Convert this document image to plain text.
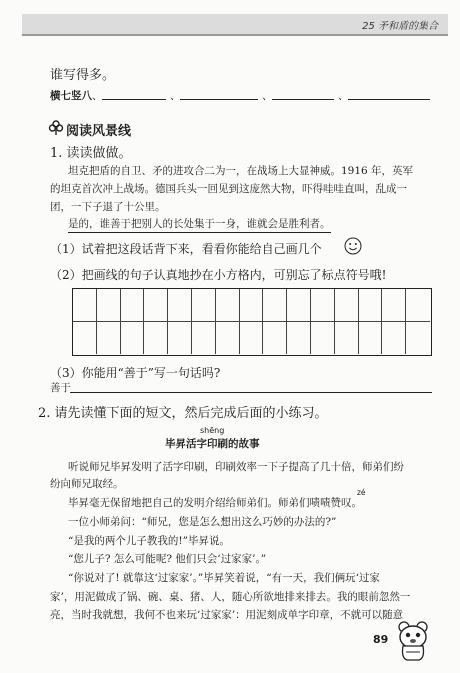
25 矛和盾的集合
谁写得多。
横七竖八 、	、	、	、
阅读风景线
1. 读读做做。
坦克把盾的自卫、矛的进攻合二为一，在战场上大显神威。1916 年，英军
的坦克首次冲上战场。德国兵头一回见到这庞然大物，吓得哇哇直叫，乱成一
团，一下子退了十公里。
是的，谁善于把别人的长处集于一身，谁就会是胜利者。
（1）试着把这段话背下来，看看你能给自己画几个
（2）把画线的句子认真地抄在小方格内，可别忘了标点符号哦!
（3）你能用“善于”写一句话吗?
善于
2. 请先读懂下面的短文，然后完成后面的小练习。
shēng
毕昇活字印刷的故事
听说师兄毕昇发明了活字印刷，印刷效率一下子提高了几十倍，师弟们纷
纷向师兄取经。
zé
毕昇毫无保留地把自己的发明介绍给师弟们。师弟们啧啧赞叹。
一位小师弟问：“师兄，您是怎么想出这么巧妙的办法的?”
“是我的两个儿子教我的!”毕昇说。
“您儿子? 怎么可能呢? 他们只会‘过家家’。”
“你说对了! 就靠这‘过家家’。”毕昇笑着说，“有一天，我们俩玩‘过家
家’，用泥做成了锅、碗、桌、猪、人，随心所欲地排来排去。我的眼前忽然一
亮，当时我就想，我何不也来玩‘过家家’：用泥刻成单字印章，不就可以随意
89
